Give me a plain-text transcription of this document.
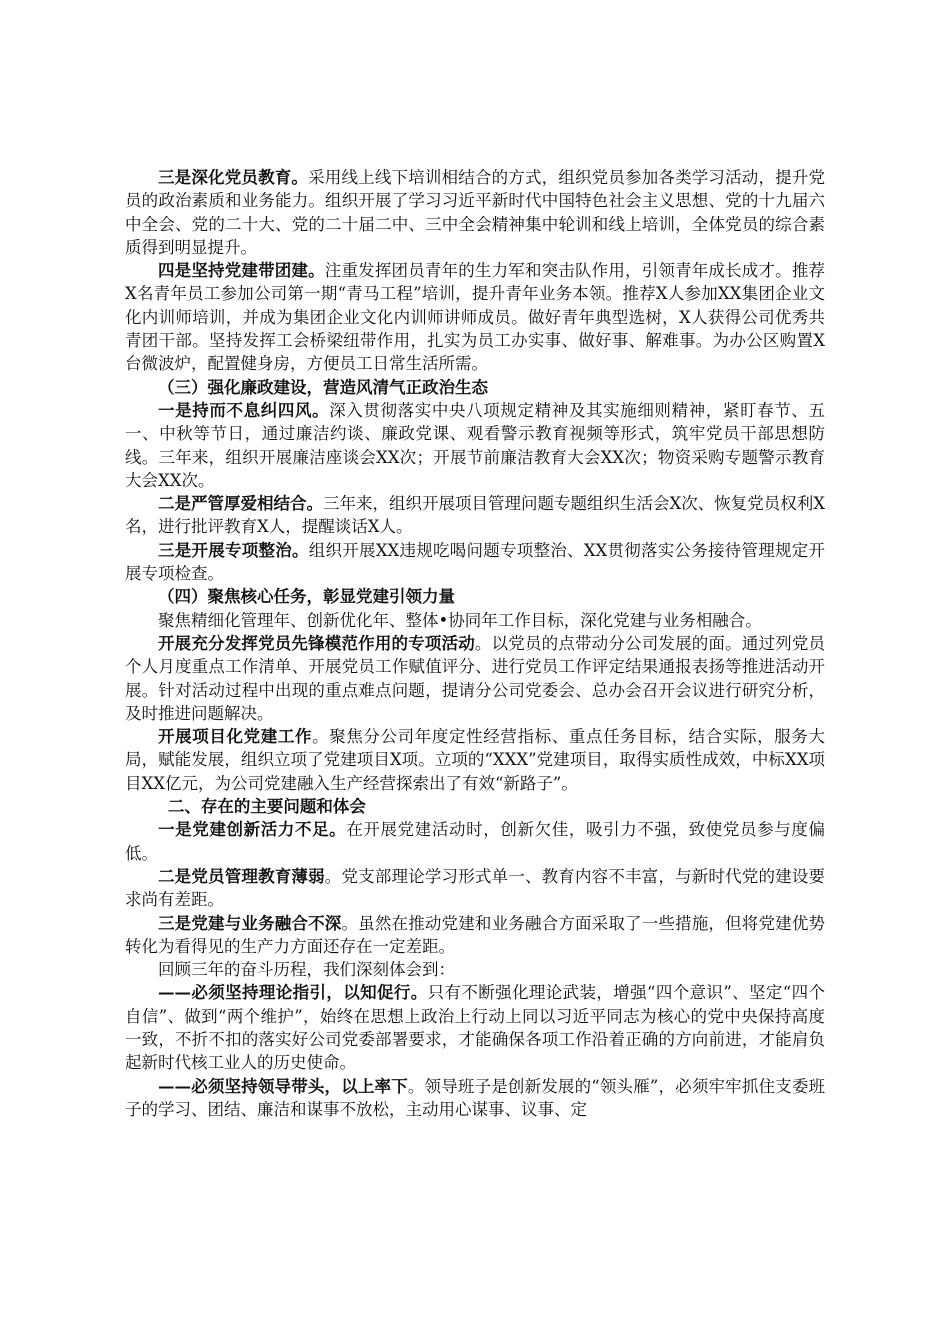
三是深化党员教育。采用线上线下培训相结合的方式，组织党员参加各类学习活动，提升党员的政治素质和业务能力。组织开展了学习习近平新时代中国特色社会主义思想、党的十九届六中全会、党的二十大、党的二十届二中、三中全会精神集中轮训和线上培训，全体党员的综合素质得到明显提升。

四是坚持党建带团建。注重发挥团员青年的生力军和突击队作用，引领青年成长成才。推荐X名青年员工参加公司第一期“青马工程”培训，提升青年业务本领。推荐X人参加XX集团企业文化内训师培训，并成为集团企业文化内训师讲师成员。做好青年典型选树，X人获得公司优秀共青团干部。坚持发挥工会桥梁纽带作用，扎实为员工办实事、做好事、解难事。为办公区购置X台微波炉，配置健身房，方便员工日常生活所需。

（三）强化廉政建设，营造风清气正政治生态

一是持而不息纠四风。深入贯彻落实中央八项规定精神及其实施细则精神，紧盯春节、五一、中秋等节日，通过廉洁约谈、廉政党课、观看警示教育视频等形式，筑牢党员干部思想防线。三年来，组织开展廉洁座谈会XX次；开展节前廉洁教育大会XX次；物资采购专题警示教育大会XX次。

二是严管厚爱相结合。三年来，组织开展项目管理问题专题组织生活会X次、恢复党员权利X名，进行批评教育X人，提醒谈话X人。

三是开展专项整治。组织开展XX违规吃喝问题专项整治、XX贯彻落实公务接待管理规定开展专项检查。

（四）聚焦核心任务，彰显党建引领力量

聚焦精细化管理年、创新优化年、整体•协同年工作目标，深化党建与业务相融合。

开展充分发挥党员先锋模范作用的专项活动。以党员的点带动分公司发展的面。通过列党员个人月度重点工作清单、开展党员工作赋值评分、进行党员工作评定结果通报表扬等推进活动开展。针对活动过程中出现的重点难点问题，提请分公司党委会、总办会召开会议进行研究分析，及时推进问题解决。

开展项目化党建工作。聚焦分公司年度定性经营指标、重点任务目标，结合实际，服务大局，赋能发展，组织立项了党建项目X项。立项的“XXX”党建项目，取得实质性成效，中标XX项目XX亿元，为公司党建融入生产经营探索出了有效“新路子”。

二、存在的主要问题和体会

一是党建创新活力不足。在开展党建活动时，创新欠佳，吸引力不强，致使党员参与度偏低。

二是党员管理教育薄弱。党支部理论学习形式单一、教育内容不丰富，与新时代党的建设要求尚有差距。

三是党建与业务融合不深。虽然在推动党建和业务融合方面采取了一些措施，但将党建优势转化为看得见的生产力方面还存在一定差距。

回顾三年的奋斗历程，我们深刻体会到：

——必须坚持理论指引，以知促行。只有不断强化理论武装，增强“四个意识”、坚定“四个自信”、做到“两个维护”，始终在思想上政治上行动上同以习近平同志为核心的党中央保持高度一致，不折不扣的落实好公司党委部署要求，才能确保各项工作沿着正确的方向前进，才能肩负起新时代核工业人的历史使命。

——必须坚持领导带头，以上率下。领导班子是创新发展的“领头雁”，必须牢牢抓住支委班子的学习、团结、廉洁和谋事不放松，主动用心谋事、议事、定
